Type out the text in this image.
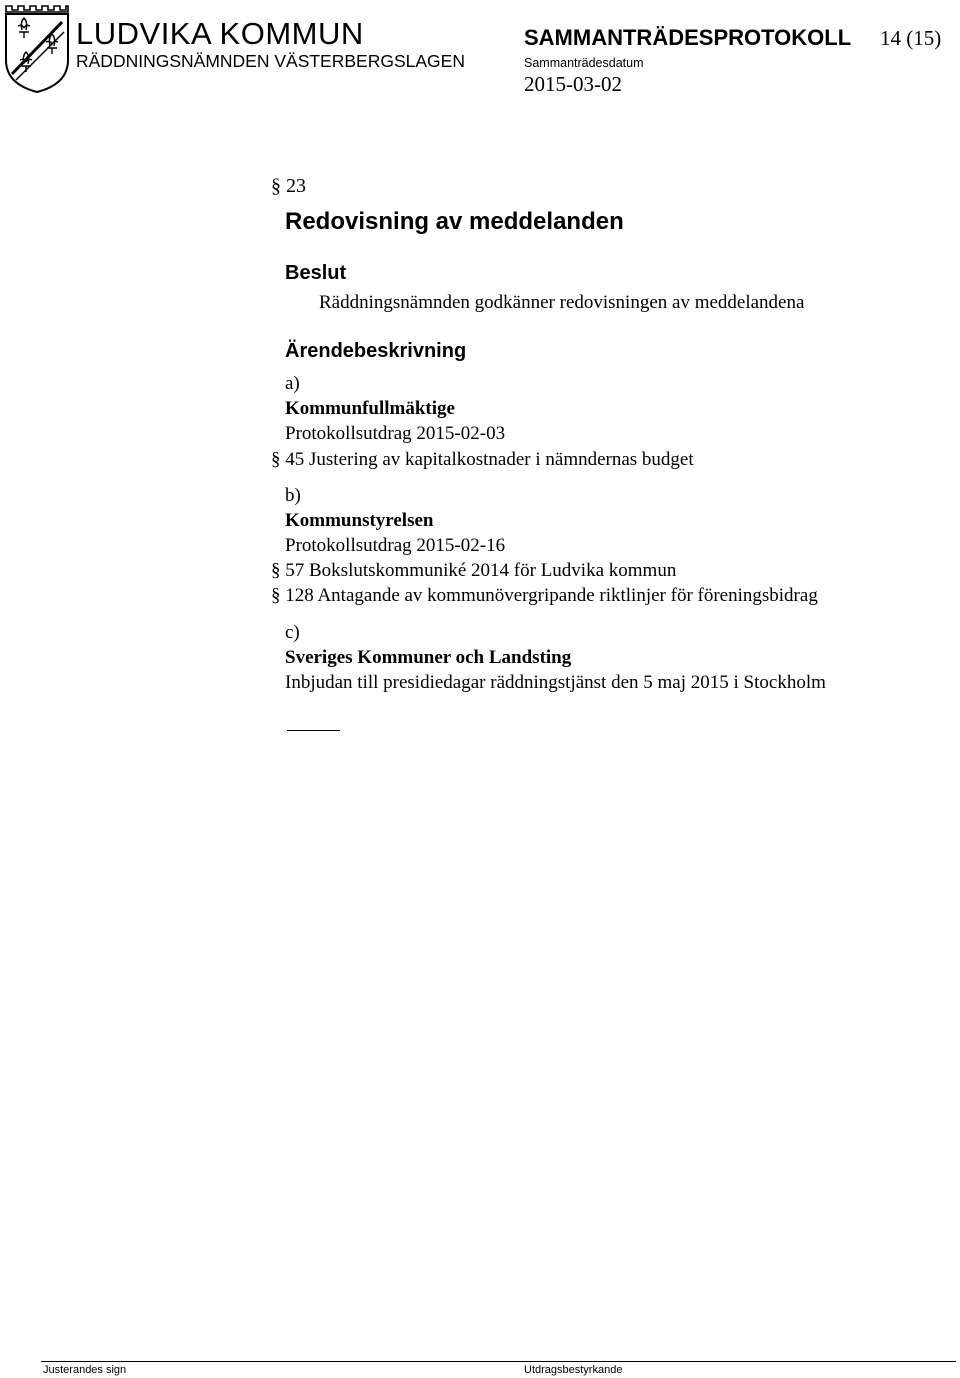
LUDVIKA KOMMUN
RÄDDNINGSNÄMNDEN VÄSTERBERGSLAGEN
SAMMANTRÄDESPROTOKOLL 14 (15)
Sammanträdesdatum
2015-03-02
§ 23
Redovisning av meddelanden
Beslut
Räddningsnämnden godkänner redovisningen av meddelandena
Ärendebeskrivning
a)
Kommunfullmäktige
Protokollsutdrag 2015-02-03
§ 45 Justering av kapitalkostnader i nämndernas budget
b)
Kommunstyrelsen
Protokollsutdrag 2015-02-16
§ 57 Bokslutskommuniké 2014 för Ludvika kommun
§ 128 Antagande av kommunövergripande riktlinjer för föreningsbidrag
c)
Sveriges Kommuner och Landsting
Inbjudan till presidiedagar räddningstjänst den 5 maj 2015 i Stockholm
Justerandes sign	Utdragsbestyrkande
